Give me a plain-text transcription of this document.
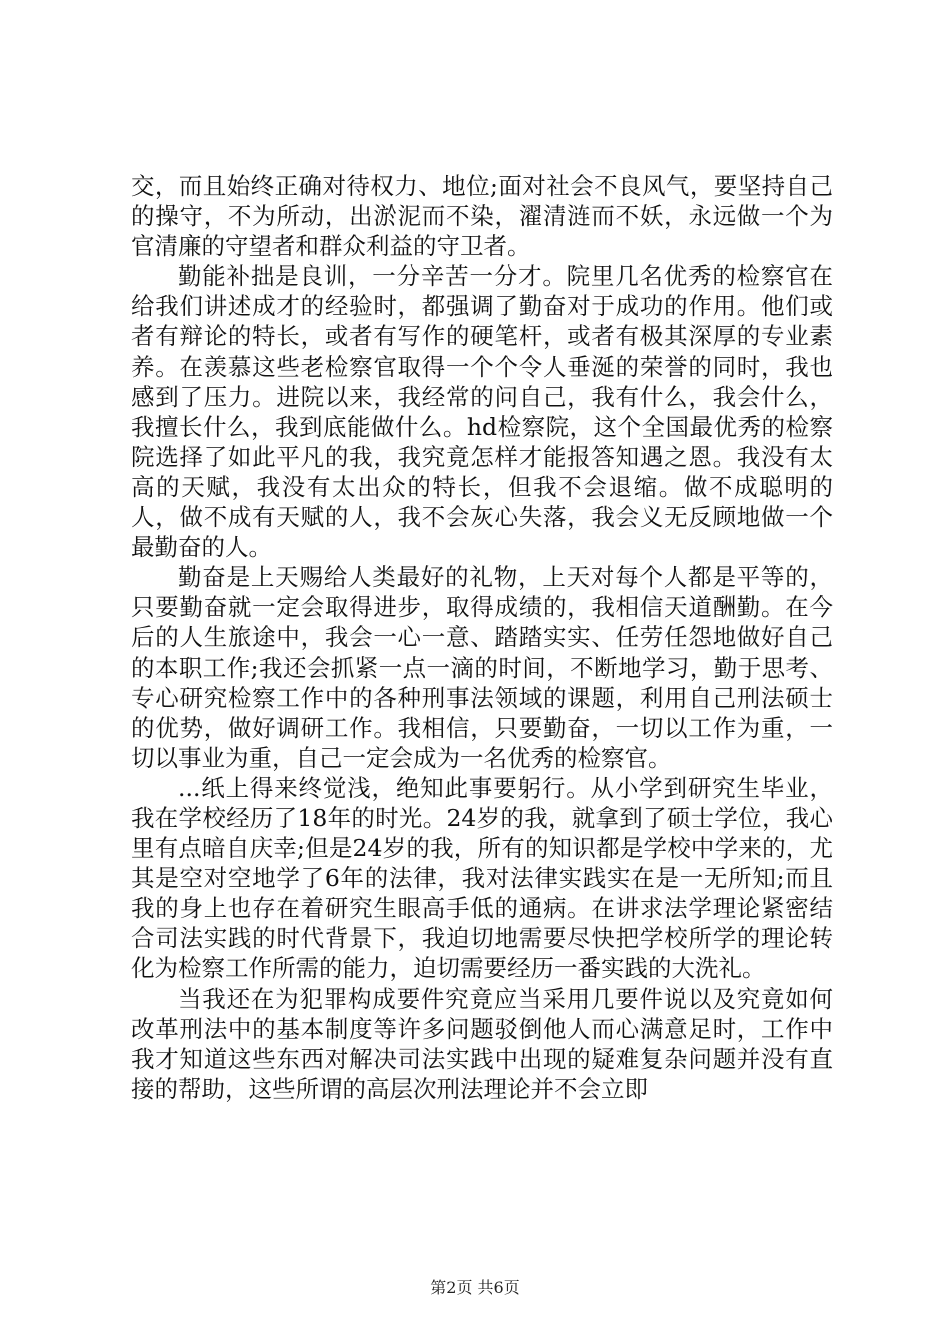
交，而且始终正确对待权力、地位;面对社会不良风气，要坚持自己的操守，不为所动，出淤泥而不染，濯清涟而不妖，永远做一个为官清廉的守望者和群众利益的守卫者。

勤能补拙是良训，一分辛苦一分才。院里几名优秀的检察官在给我们讲述成才的经验时，都强调了勤奋对于成功的作用。他们或者有辩论的特长，或者有写作的硬笔杆，或者有极其深厚的专业素养。在羡慕这些老检察官取得一个个令人垂涎的荣誉的同时，我也感到了压力。进院以来，我经常的问自己，我有什么，我会什么，我擅长什么，我到底能做什么。hd检察院，这个全国最优秀的检察院选择了如此平凡的我，我究竟怎样才能报答知遇之恩。我没有太高的天赋，我没有太出众的特长，但我不会退缩。做不成聪明的人，做不成有天赋的人，我不会灰心失落，我会义无反顾地做一个最勤奋的人。

勤奋是上天赐给人类最好的礼物，上天对每个人都是平等的，只要勤奋就一定会取得进步，取得成绩的，我相信天道酬勤。在今后的人生旅途中，我会一心一意、踏踏实实、任劳任怨地做好自己的本职工作;我还会抓紧一点一滴的时间，不断地学习，勤于思考、专心研究检察工作中的各种刑事法领域的课题，利用自己刑法硕士的优势，做好调研工作。我相信，只要勤奋，一切以工作为重，一切以事业为重，自己一定会成为一名优秀的检察官。

...纸上得来终觉浅，绝知此事要躬行。从小学到研究生毕业，我在学校经历了18年的时光。24岁的我，就拿到了硕士学位，我心里有点暗自庆幸;但是24岁的我，所有的知识都是学校中学来的，尤其是空对空地学了6年的法律，我对法律实践实在是一无所知;而且我的身上也存在着研究生眼高手低的通病。在讲求法学理论紧密结合司法实践的时代背景下，我迫切地需要尽快把学校所学的理论转化为检察工作所需的能力，迫切需要经历一番实践的大洗礼。

当我还在为犯罪构成要件究竟应当采用几要件说以及究竟如何改革刑法中的基本制度等许多问题驳倒他人而心满意足时，工作中我才知道这些东西对解决司法实践中出现的疑难复杂问题并没有直接的帮助，这些所谓的高层次刑法理论并不会立即

第2页 共6页
